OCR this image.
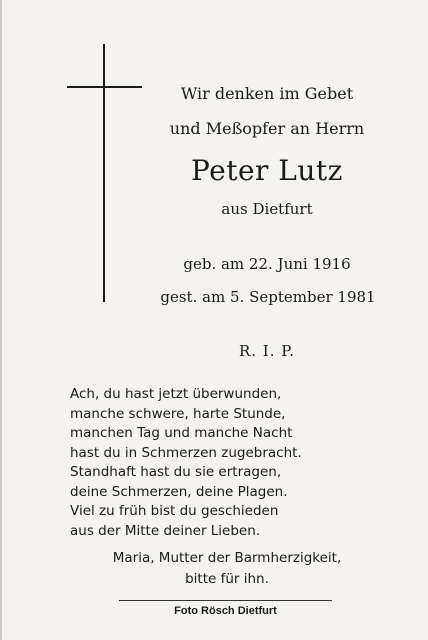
Wir denken im Gebet
und Meßopfer an Herrn
Peter Lutz
aus Dietfurt
geb. am 22. Juni 1916
gest. am 5. September 1981
R. I. P.
Ach, du hast jetzt überwunden,
manche schwere, harte Stunde,
manchen Tag und manche Nacht
hast du in Schmerzen zugebracht.
Standhaft hast du sie ertragen,
deine Schmerzen, deine Plagen.
Viel zu früh bist du geschieden
aus der Mitte deiner Lieben.
Maria, Mutter der Barmherzigkeit,
bitte für ihn.
Foto Rösch Dietfurt
